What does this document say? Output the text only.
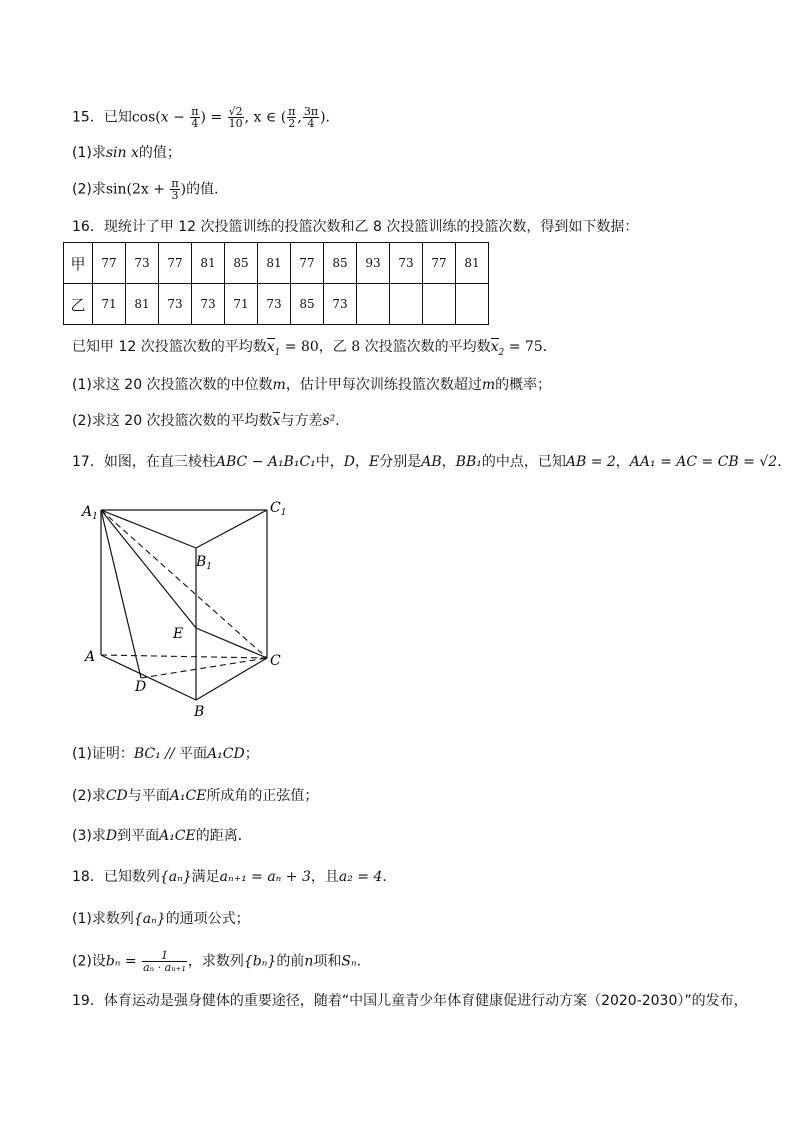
15．已知$\cos(x - \frac{\pi}{4}$ ) = $\frac{√2}{10}$ , x ∈ ( $\frac{\pi}{2}$ , $\frac{3\pi}{4}$ )．
(1)求sin x的值；
(2)求$\sin(2x + \frac{\pi}{3}$ )的值．
16．现统计了甲 12 次投篮训练的投篮次数和乙 8 次投篮训练的投篮次数，得到如下数据：
甲	77	73	77	81	85	81	77	85	93	73	77	81
乙	71	81	73	73	71	73	85	73				
已知甲 12 次投篮次数的平均数$x_1 = 80$，乙 8 次投篮次数的平均数$x_2 = 75$．
(1)求这 20 次投篮次数的中位数m，估计甲每次训练投篮次数超过m的概率；
(2)求这 20 次投篮次数的平均数x与方差s²．
17．如图，在直三棱柱ABC − A₁B₁C₁中，D，E分别是AB，BB₁的中点，已知AB = 2，AA₁ = AC = CB = √2．
$A_1$
$C_1$
$B_1$
E
A	C
D
B
(1)证明：BC₁ // 平面A₁CD；
(2)求CD与平面A₁CE所成角的正弦值；
(3)求D到平面A₁CE的距离．
18．已知数列{aₙ}满足aₙ₊₁ = aₙ + 3，且a₂ = 4．
(1)求数列{aₙ}的通项公式；
(2)设$b_n = \frac{1}{\text{aₙ · aₙ₊₁}}$ ，求数列{bₙ}的前n项和Sₙ．
19．体育运动是强身健体的重要途径，随着“中国儿童青少年体育健康促进行动方案（2020-2030）”的发布，
